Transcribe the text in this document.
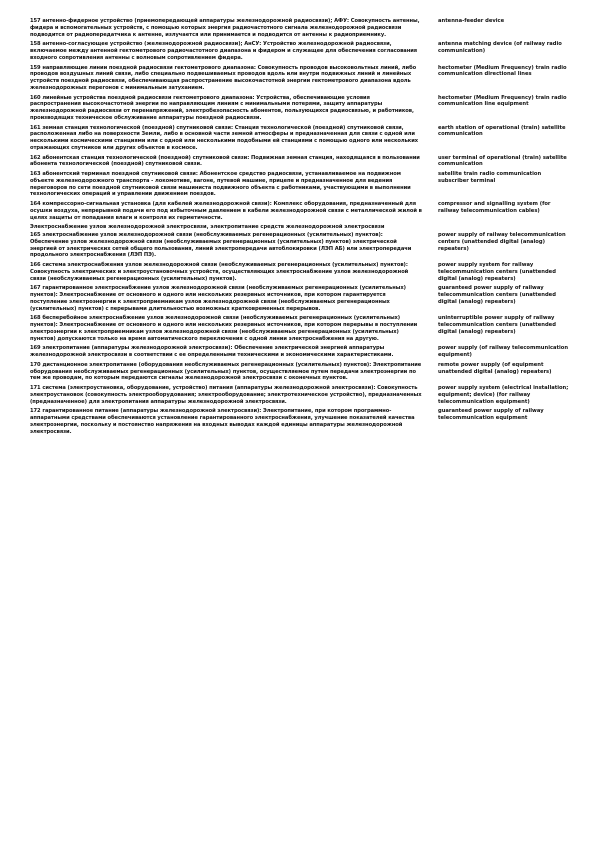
157 антенно-фидерное устройство (приемопередающей аппаратуры железнодорожной радиосвязи); АФУ: Совокупность антенны, фидера и вспомогательных устройств, с помощью которых энергия радиочастотного сигнала железнодорожной радиосвязи подводится от радиопередатчика к антенне, излучается или принимается и подводится от антенны к радиоприемнику.
antenna-feeder device
158 антенно-согласующее устройство (железнодорожной радиосвязи); АнСУ: Устройство железнодорожной радиосвязи, включаемое между антенной гектометрового радиочастотного диапазона и фидером и служащее для обеспечения согласования входного сопротивления антенны с волновым сопротивлением фидера.
antenna matching device (of railway radio communication)
159 направляющие линии поездной радиосвязи гектометрового диапазона: Совокупность проводов высоковольтных линий, либо проводов воздушных линий связи, либо специально подвешиваемых проводов вдоль или внутри подвижных линий и линейных устройств поездной радиосвязи, обеспечивающая распространение высокочастотной энергии гектометрового диапазона вдоль железнодорожных перегонов с минимальным затуханием.
hectometer (Medium Frequency) train radio communication directional lines
160 линейные устройства поездной радиосвязи гектометрового диапазона: Устройства, обеспечивающие условия распространения высокочастотной энергии по направляющим линиям с минимальными потерями, защиту аппаратуры железнодорожной радиосвязи от перенапряжений, электробезопасность абонентов, пользующихся радиосвязью, и работников, производящих техническое обслуживание аппаратуры поездной радиосвязи.
hectometer (Medium Frequency) train radio communication line equipment
161 земная станция технологической (поездной) спутниковой связи: Станция технологической (поездной) спутниковой связи, расположенная либо на поверхности Земли, либо в основной части земной атмосферы и предназначенная для связи с одной или несколькими космическими станциями или с одной или несколькими подобными ей станциями с помощью одного или нескольких отражающих спутников или других объектов в космосе.
earth station of operational (train) satellite communication
162 абонентская станция технологической (поездной) спутниковой связи: Подвижная земная станция, находящаяся в пользовании абонента технологической (поездной) спутниковой связи.
user terminal of operational (train) satellite communication
163 абонентский терминал поездной спутниковой связи: Абонентское средство радиосвязи, устанавливаемое на подвижном объекте железнодорожного транспорта - локомотиве, вагоне, путевой машине, прицепе и предназначенное для ведения переговоров по сети поездной спутниковой связи машиниста подвижного объекта с работниками, участвующими в выполнении технологических операций и управлении движением поездов.
satellite train radio communication subscriber terminal
164 компрессорно-сигнальная установка (для кабелей железнодорожной связи): Комплекс оборудования, предназначенный для осушки воздуха, непрерывной подачи его под избыточным давлением в кабели железнодорожной связи с металлической жилой в целях защиты от попадания влаги и контроля их герметичности.
compressor and signalling system (for railway telecommunication cables)
Электроснабжение узлов железнодорожной электросвязи, электропитание средств железнодорожной электросвязи
165 электроснабжение узлов железнодорожной связи (необслуживаемых регенерационных (усилительных) пунктов): Обеспечение узлов железнодорожной связи (необслуживаемых регенерационных (усилительных) пунктов) электрической энергией от электрических сетей общего пользования, линий электропередачи автоблокировки (ЛЭП АБ) или электропередачи продольного электроснабжения (ЛЭП ПЭ).
power supply of railway telecommunication centers (unattended digital (analog) repeaters)
166 система электроснабжения узлов железнодорожной связи (необслуживаемых регенерационных (усилительных) пунктов): Совокупность электрических и электроустановочных устройств, осуществляющих электроснабжение узлов железнодорожной связи (необслуживаемых регенерационных (усилительных) пунктов).
power supply system for railway telecommunication centers (unattended digital (analog) repeaters)
167 гарантированное электроснабжение узлов железнодорожной связи (необслуживаемых регенерационных (усилительных) пунктов): Электроснабжение от основного и одного или нескольких резервных источников, при котором гарантируется поступление электроэнергии к электроприемникам узлов железнодорожной связи (необслуживаемых регенерационных (усилительных) пунктов) с перерывами длительностью возможных кратковременных перерывов.
guaranteed power supply of railway telecommunication centers (unattended digital (analog) repeaters)
168 бесперебойное электроснабжение узлов железнодорожной связи (необслуживаемых регенерационных (усилительных) пунктов): Электроснабжение от основного и одного или нескольких резервных источников, при котором перерывы в поступлении электроэнергии к электроприемникам узлов железнодорожной связи (необслуживаемых регенерационных (усилительных) пунктов) допускаются только на время автоматического переключения с одной линии электроснабжения на другую.
uninterruptible power supply of railway telecommunication centers (unattended digital (analog) repeaters)
169 электропитание (аппаратуры железнодорожной электросвязи): Обеспечение электрической энергией аппаратуры железнодорожной электросвязи в соответствии с ее определенными техническими и экономическими характеристиками.
power supply (of railway telecommunication equipment)
170 дистанционное электропитание (оборудования необслуживаемых регенерационных (усилительных) пунктов): Электропитание оборудования необслуживаемых регенерационных (усилительных) пунктов, осуществляемое путем передачи электроэнергии по тем же проводам, по которым передаются сигналы железнодорожной электросвязи с оконечных пунктов.
remote power supply (of equipment unattended digital (analog) repeaters)
171 система (электроустановка, оборудование, устройство) питания (аппаратуры железнодорожной электросвязи): Совокупность электроустановок (совокупность электрооборудования; электрооборудование; электротехническое устройство), предназначенных (предназначенное) для электропитания аппаратуры железнодорожной электросвязи.
power supply system (electrical installation; equipment; device) (for railway telecommunication equipment)
172 гарантированное питание (аппаратуры железнодорожной электросвязи): Электропитание, при котором программно-аппаратными средствами обеспечиваются установление гарантированного электроснабжения, улучшение показателей качества электроэнергии, поскольку и постоянство напряжения на входных выводах каждой единицы аппаратуры железнодорожной электросвязи.
guaranteed power supply of railway telecommunication equipment
